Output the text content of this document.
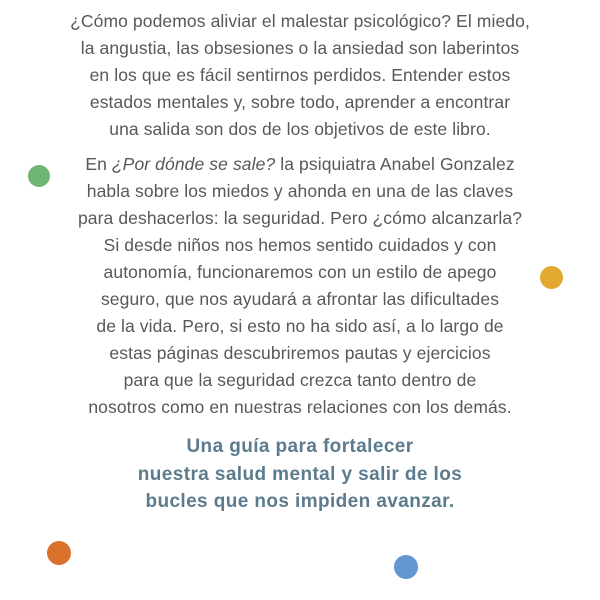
¿Cómo podemos aliviar el malestar psicológico? El miedo,
la angustia, las obsesiones o la ansiedad son laberintos
en los que es fácil sentirnos perdidos. Entender estos
estados mentales y, sobre todo, aprender a encontrar
una salida son dos de los objetivos de este libro.
En ¿Por dónde se sale? la psiquiatra Anabel Gonzalez
habla sobre los miedos y ahonda en una de las claves
para deshacerlos: la seguridad. Pero ¿cómo alcanzarla?
Si desde niños nos hemos sentido cuidados y con
autonomía, funcionaremos con un estilo de apego
seguro, que nos ayudará a afrontar las dificultades
de la vida. Pero, si esto no ha sido así, a lo largo de
estas páginas descubriremos pautas y ejercicios
para que la seguridad crezca tanto dentro de
nosotros como en nuestras relaciones con los demás.
Una guía para fortalecer
nuestra salud mental y salir de los
bucles que nos impiden avanzar.
